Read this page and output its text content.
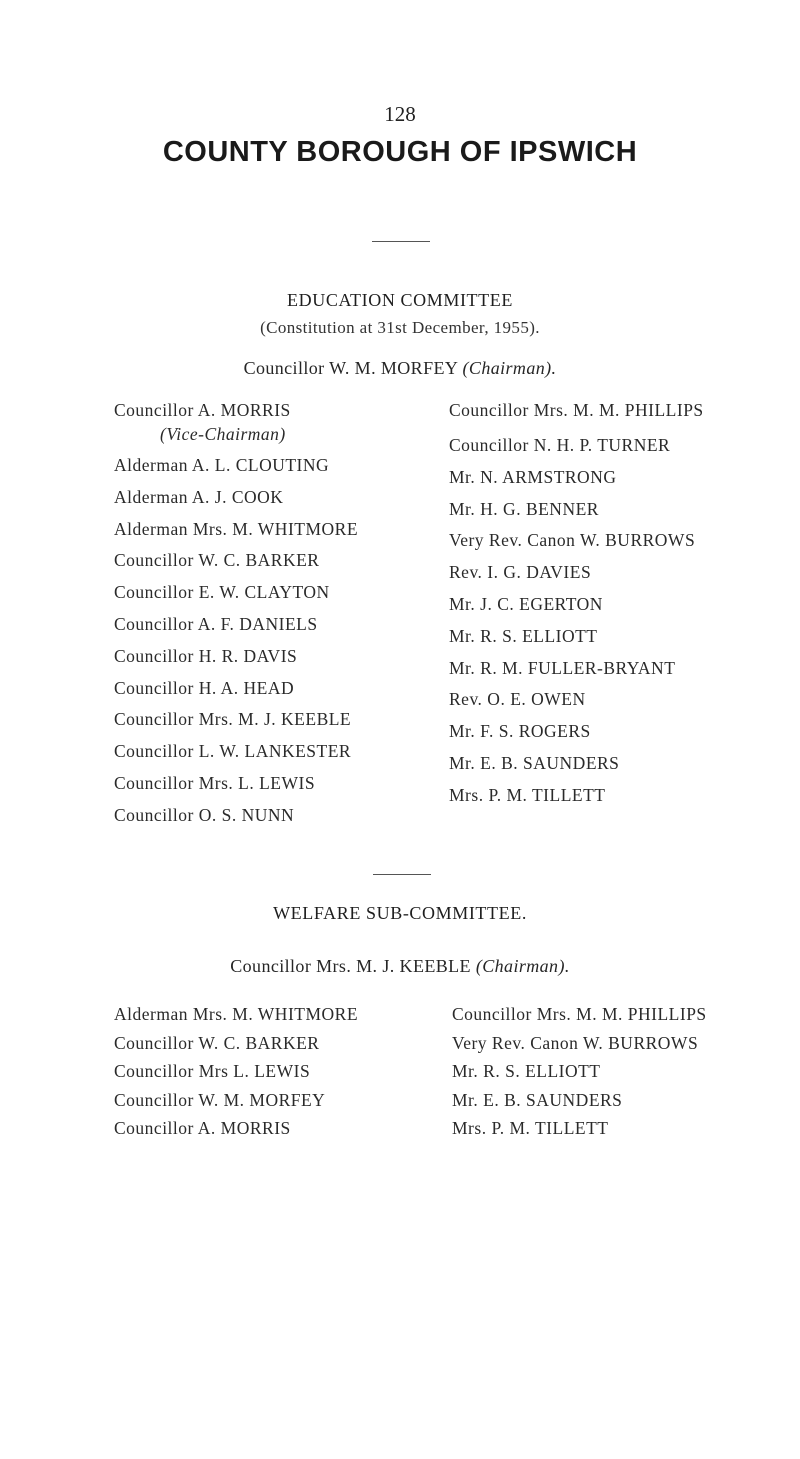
128
COUNTY BOROUGH OF IPSWICH
EDUCATION COMMITTEE
(Constitution at 31st December, 1955).
Councillor W. M. MORFEY (Chairman).
Councillor A. MORRIS
(Vice-Chairman)
Alderman A. L. CLOUTING
Alderman A. J. COOK
Alderman Mrs. M. WHITMORE
Councillor W. C. BARKER
Councillor E. W. CLAYTON
Councillor A. F. DANIELS
Councillor H. R. DAVIS
Councillor H. A. HEAD
Councillor Mrs. M. J. KEEBLE
Councillor L. W. LANKESTER
Councillor Mrs. L. LEWIS
Councillor O. S. NUNN
Councillor Mrs. M. M. PHILLIPS
Councillor N. H. P. TURNER
Mr. N. ARMSTRONG
Mr. H. G. BENNER
Very Rev. Canon W. BURROWS
Rev. I. G. DAVIES
Mr. J. C. EGERTON
Mr. R. S. ELLIOTT
Mr. R. M. FULLER-BRYANT
Rev. O. E. OWEN
Mr. F. S. ROGERS
Mr. E. B. SAUNDERS
Mrs. P. M. TILLETT
WELFARE SUB-COMMITTEE.
Councillor Mrs. M. J. KEEBLE (Chairman).
Alderman Mrs. M. WHITMORE
Councillor W. C. BARKER
Councillor Mrs L. LEWIS
Councillor W. M. MORFEY
Councillor A. MORRIS
Councillor Mrs. M. M. PHILLIPS
Very Rev. Canon W. BURROWS
Mr. R. S. ELLIOTT
Mr. E. B. SAUNDERS
Mrs. P. M. TILLETT
